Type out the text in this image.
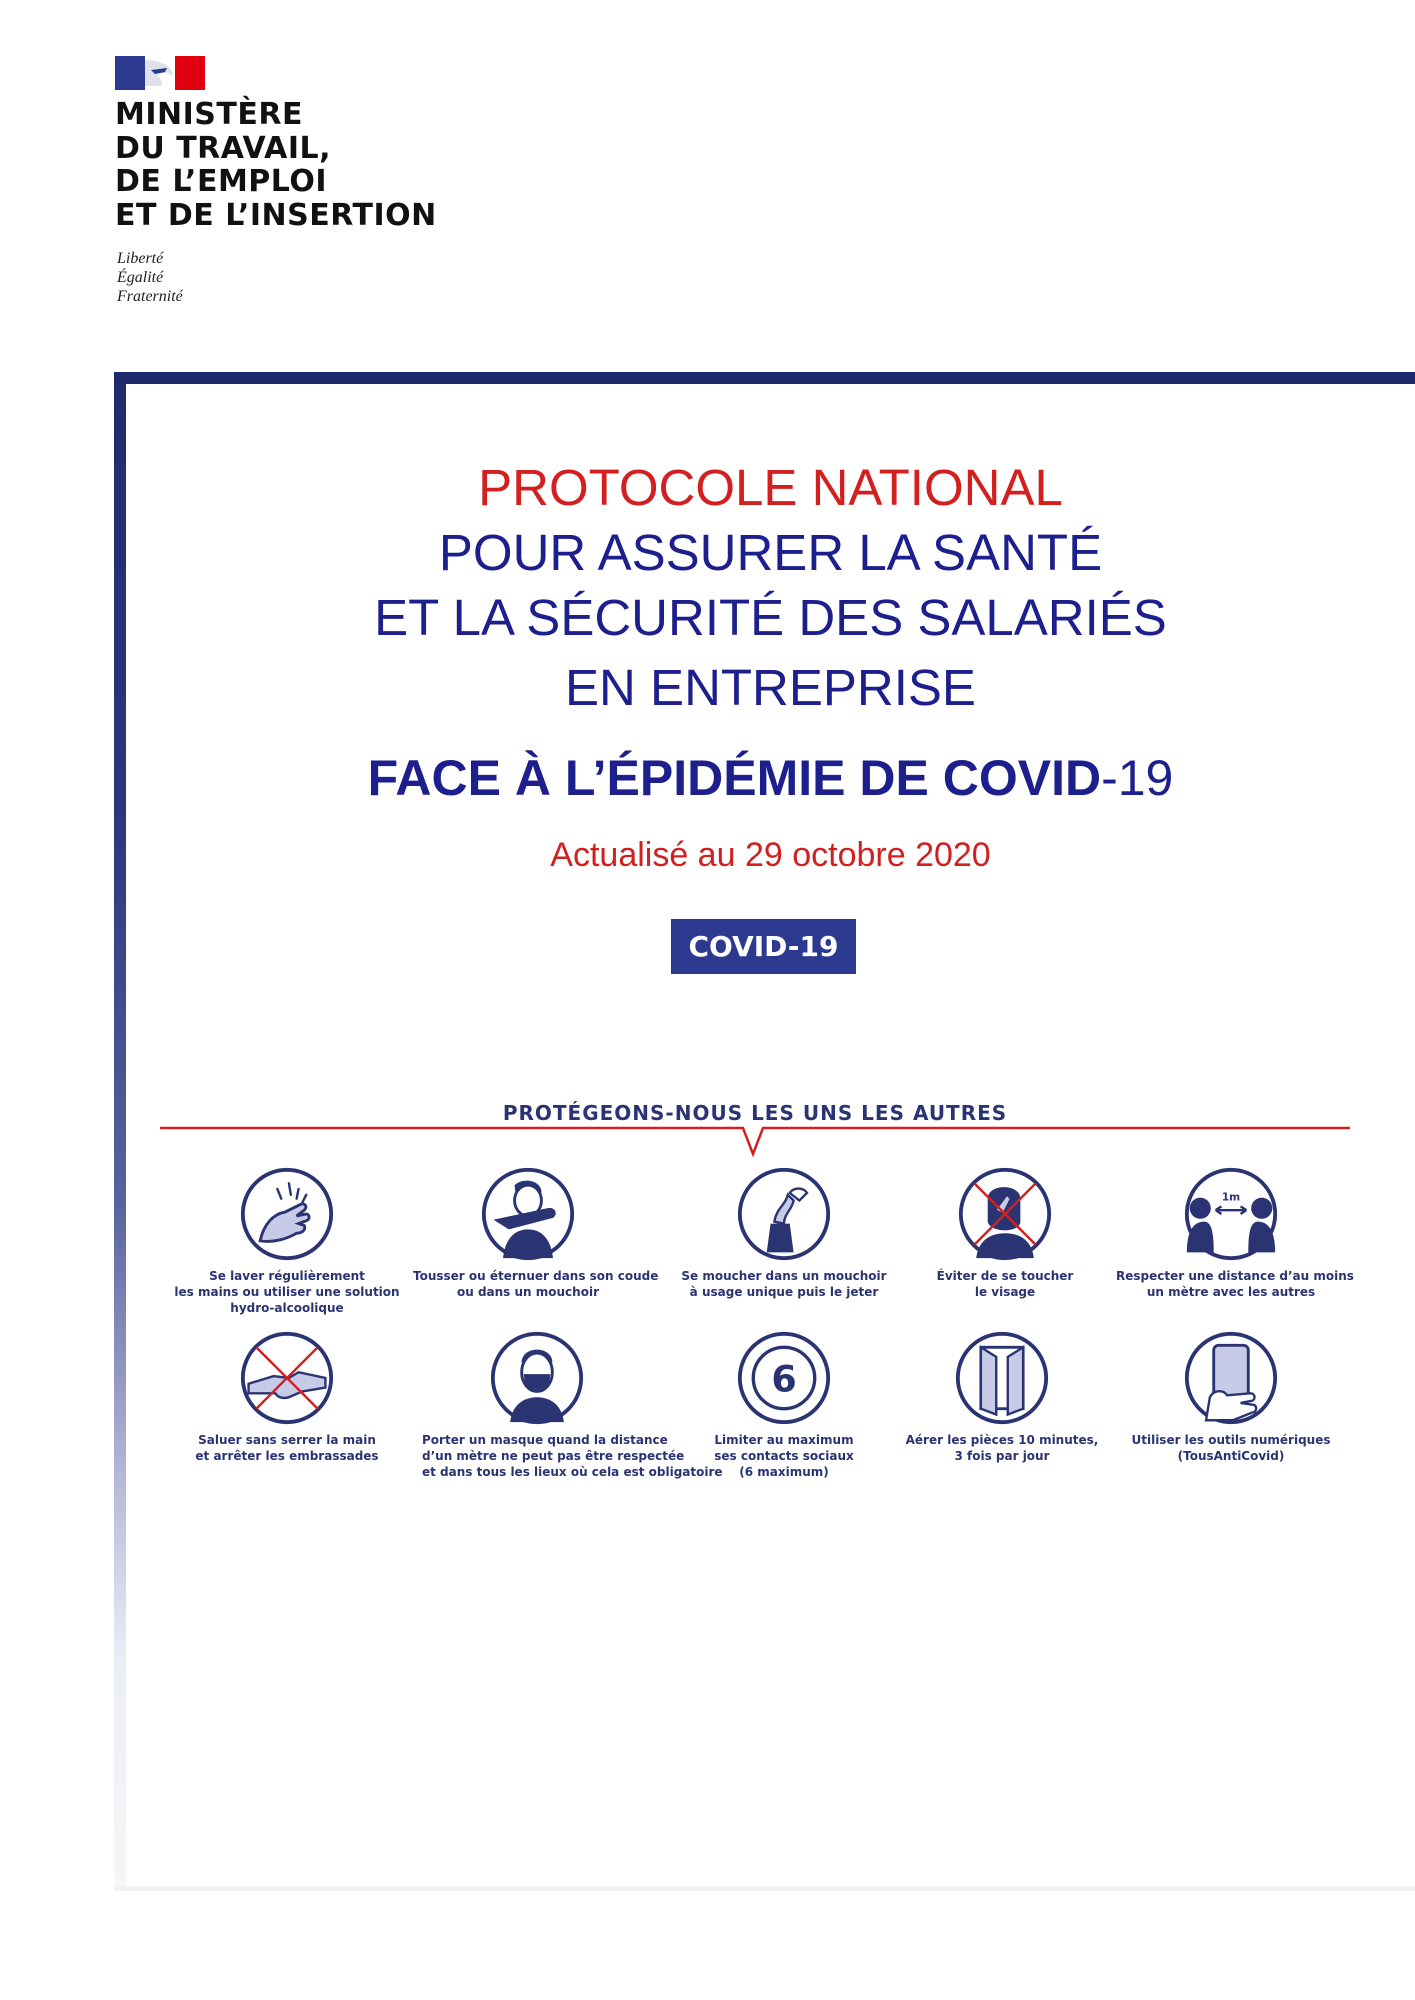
MINISTÈRE
DU TRAVAIL,
DE L’EMPLOI
ET DE L’INSERTION
Liberté
Égalité
Fraternité
PROTOCOLE NATIONAL
POUR ASSURER LA SANTÉ
ET LA SÉCURITÉ DES SALARIÉS
EN ENTREPRISE
FACE À L’ÉPIDÉMIE DE COVID-19
Actualisé au 29 octobre 2020
COVID-19
PROTÉGEONS-NOUS LES UNS LES AUTRES
Se laver régulièrement
les mains ou utiliser une solution
hydro-alcoolique
Tousser ou éternuer dans son coude
ou dans un mouchoir
Se moucher dans un mouchoir
à usage unique puis le jeter
Éviter de se toucher
le visage
1m
Respecter une distance d’au moins
un mètre avec les autres
Saluer sans serrer la main
et arrêter les embrassades
Porter un masque quand la distance
d’un mètre ne peut pas être respectée
et dans tous les lieux où cela est obligatoire
6
Limiter au maximum
ses contacts sociaux
(6 maximum)
Aérer les pièces 10 minutes,
3 fois par jour
Utiliser les outils numériques
(TousAntiCovid)
